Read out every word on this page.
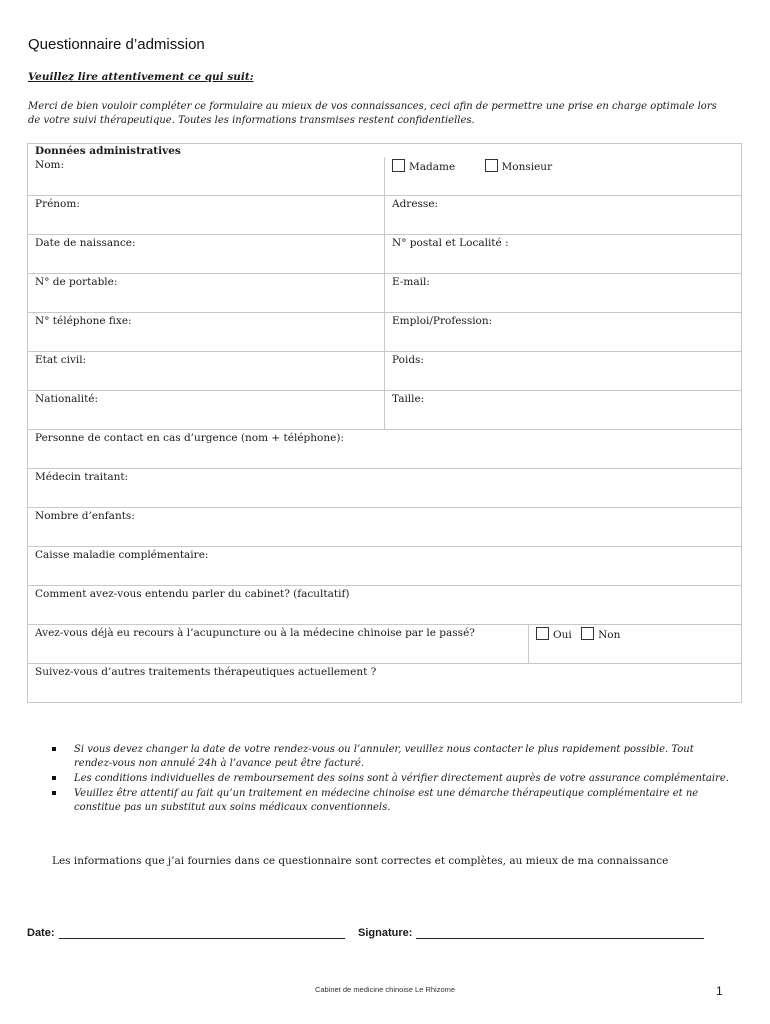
Questionnaire d’admission
Veuillez lire attentivement ce qui suit:
Merci de bien vouloir compléter ce formulaire au mieux de vos connaissances, ceci afin de permettre une prise en charge optimale lors de votre suivi thérapeutique. Toutes les informations transmises restent confidentielles.
Données administratives		
Nom:	Madame Monsieur	
Prénom:	Adresse:	
Date de naissance:	N° postal et Localité :	
N° de portable:	E-mail:	
N° téléphone fixe:	Emploi/Profession:	
Etat civil:	Poids:	
Nationalité:	Taille:	
Personne de contact en cas d’urgence (nom + téléphone):		
Médecin traitant:		
Nombre d’enfants:		
Caisse maladie complémentaire:		
Comment avez-vous entendu parler du cabinet? (facultatif)		
Avez-vous déjà eu recours à l’acupuncture ou à la médecine chinoise par le passé?		Oui Non
Suivez-vous d’autres traitements thérapeutiques actuellement ?		
Si vous devez changer la date de votre rendez-vous ou l’annuler, veuillez nous contacter le plus rapidement possible. Tout rendez-vous non annulé 24h à l’avance peut être facturé.
Les conditions individuelles de remboursement des soins sont à vérifier directement auprès de votre assurance complémentaire.
Veuillez être attentif au fait qu’un traitement en médecine chinoise est une démarche thérapeutique complémentaire et ne constitue pas un substitut aux soins médicaux conventionnels.
Les informations que j’ai fournies dans ce questionnaire sont correctes et complètes, au mieux de ma connaissance
Date:	Signature:
Cabinet de medicine chinoise Le Rhizome	1
